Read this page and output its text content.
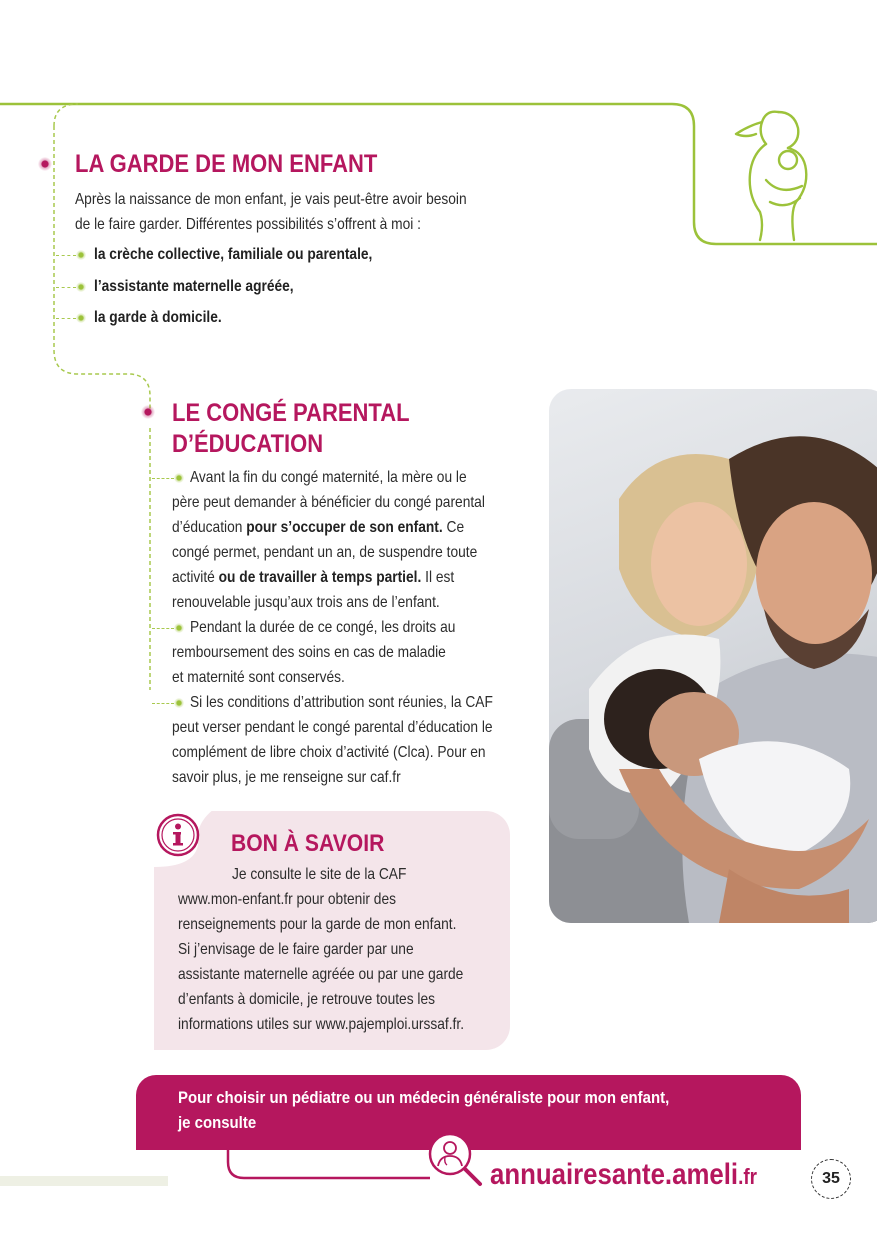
LA GARDE DE MON ENFANT
Après la naissance de mon enfant, je vais peut-être avoir besoin
de le faire garder. Différentes possibilités s’offrent à moi :
la crèche collective, familiale ou parentale,
l’assistante maternelle agréée,
la garde à domicile.
LE CONGÉ PARENTAL
D’ÉDUCATION
Avant la fin du congé maternité, la mère ou le
père peut demander à bénéficier du congé parental
d’éducation pour s’occuper de son enfant. Ce
congé permet, pendant un an, de suspendre toute
activité ou de travailler à temps partiel. Il est
renouvelable jusqu’aux trois ans de l’enfant.
Pendant la durée de ce congé, les droits au
remboursement des soins en cas de maladie
et maternité sont conservés.
Si les conditions d’attribution sont réunies, la CAF
peut verser pendant le congé parental d’éducation le
complément de libre choix d’activité (Clca). Pour en
savoir plus, je me renseigne sur caf.fr
BON À SAVOIR
Je consulte le site de la CAF
www.mon-enfant.fr pour obtenir des
renseignements pour la garde de mon enfant.
Si j’envisage de le faire garder par une
assistante maternelle agréée ou par une garde
d’enfants à domicile, je retrouve toutes les
informations utiles sur www.pajemploi.urssaf.fr.
Pour choisir un pédiatre ou un médecin généraliste pour mon enfant,
je consulte
annuairesante.ameli.fr	35
